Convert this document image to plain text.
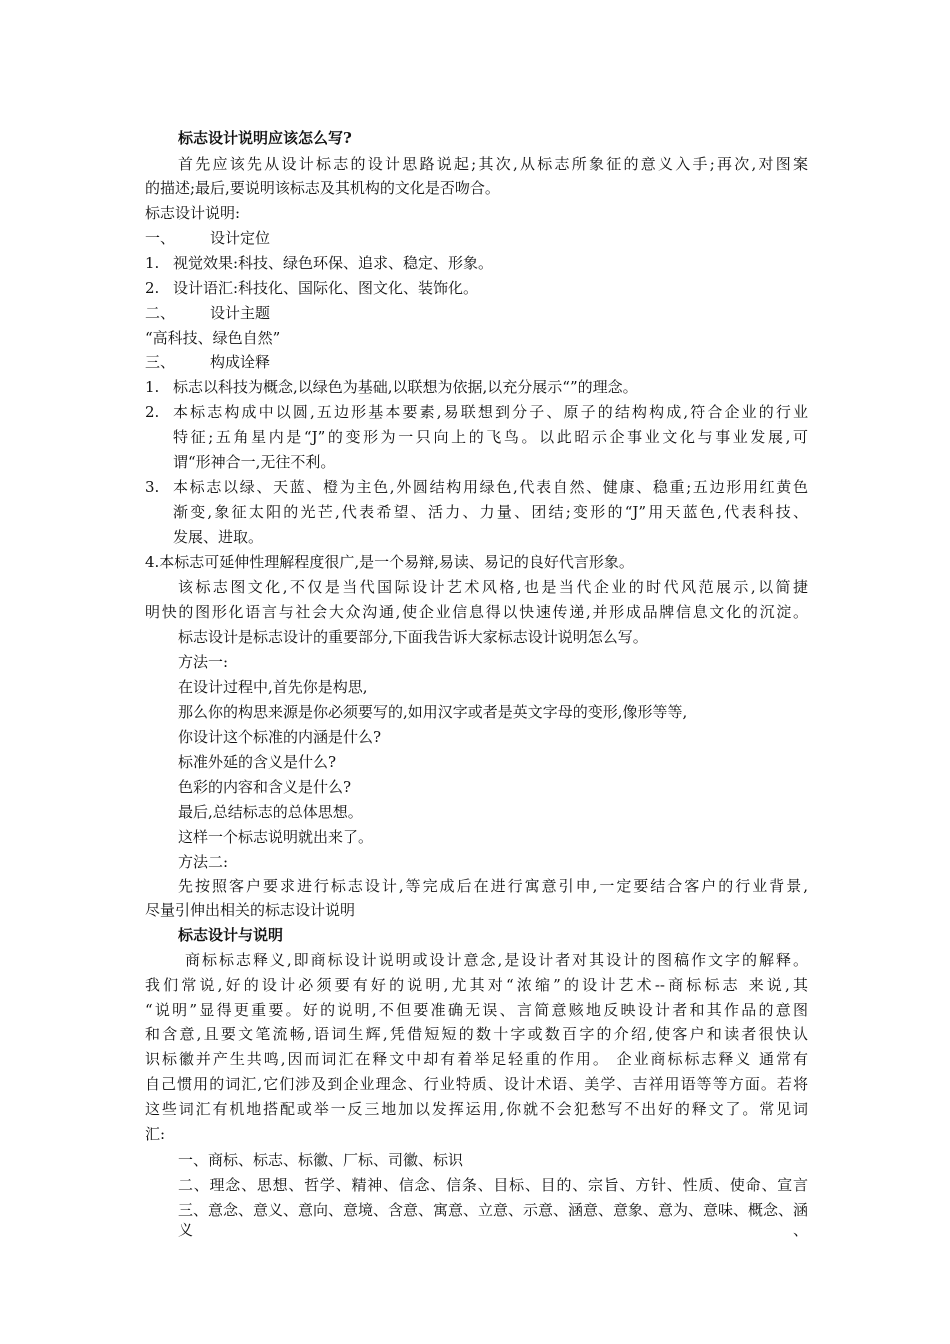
标志设计说明应该怎么写?
首先应该先从设计标志的设计思路说起;其次,从标志所象征的意义入手;再次,对图案
的描述;最后,要说明该标志及其机构的文化是否吻合。
标志设计说明:
一、 设计定位
1. 视觉效果:科技、绿色环保、追求、稳定、形象。
2. 设计语汇:科技化、国际化、图文化、装饰化。
二、 设计主题
“高科技、绿色自然”
三、 构成诠释
1. 标志以科技为概念,以绿色为基础,以联想为依据,以充分展示“”的理念。
2. 本标志构成中以圆,五边形基本要素,易联想到分子、原子的结构构成,符合企业的行业
特征;五角星内是“J”的变形为一只向上的飞鸟。以此昭示企事业文化与事业发展,可
谓“形神合一,无往不利。
3. 本标志以绿、天蓝、橙为主色,外圆结构用绿色,代表自然、健康、稳重;五边形用红黄色
渐变,象征太阳的光芒,代表希望、活力、力量、团结;变形的“J”用天蓝色,代表科技、
发展、进取。
4.本标志可延伸性理解程度很广,是一个易辩,易读、易记的良好代言形象。
该标志图文化,不仅是当代国际设计艺术风格,也是当代企业的时代风范展示,以简捷
明快的图形化语言与社会大众沟通,使企业信息得以快速传递,并形成品牌信息文化的沉淀。
标志设计是标志设计的重要部分,下面我告诉大家标志设计说明怎么写。
方法一:
在设计过程中,首先你是构思,
那么你的构思来源是你必须要写的,如用汉字或者是英文字母的变形,像形等等,
你设计这个标准的内涵是什么?
标准外延的含义是什么?
色彩的内容和含义是什么?
最后,总结标志的总体思想。
这样一个标志说明就出来了。
方法二:
先按照客户要求进行标志设计,等完成后在进行寓意引申,一定要结合客户的行业背景,
尽量引伸出相关的标志设计说明
标志设计与说明
商标标志释义,即商标设计说明或设计意念,是设计者对其设计的图稿作文字的解释。
我们常说,好的设计必须要有好的说明,尤其对“浓缩”的设计艺术--商标标志 来说,其
“说明”显得更重要。好的说明,不但要准确无误、言简意赅地反映设计者和其作品的意图
和含意,且要文笔流畅,语词生辉,凭借短短的数十字或数百字的介绍,使客户和读者很快认
识标徽并产生共鸣,因而词汇在释文中却有着举足轻重的作用。 企业商标标志释义 通常有
自己惯用的词汇,它们涉及到企业理念、行业特质、设计术语、美学、吉祥用语等等方面。若将
这些词汇有机地搭配或举一反三地加以发挥运用,你就不会犯愁写不出好的释文了。常见词
汇:
一、商标、标志、标徽、厂标、司徽、标识
二、理念、思想、哲学、精神、信念、信条、目标、目的、宗旨、方针、性质、使命、宣言
三、意念、意义、意向、意境、含意、寓意、立意、示意、涵意、意象、意为、意味、概念、涵义、
